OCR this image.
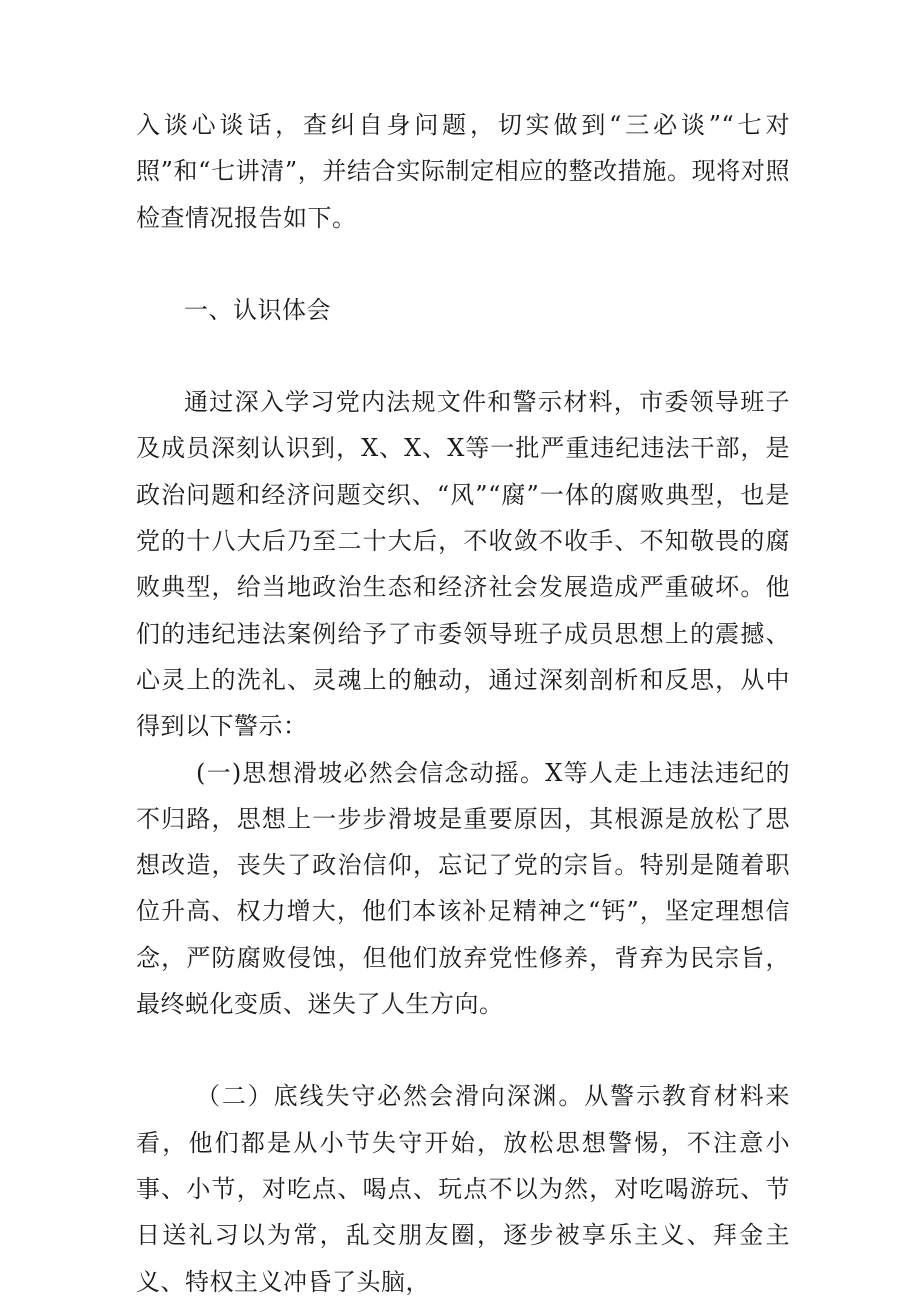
入谈心谈话，查纠自身问题，切实做到“三必谈”“七对照”和“七讲清”，并结合实际制定相应的整改措施。现将对照检查情况报告如下。

一、认识体会

通过深入学习党内法规文件和警示材料，市委领导班子及成员深刻认识到，X、X、X等一批严重违纪违法干部，是政治问题和经济问题交织、“风”“腐”一体的腐败典型，也是党的十八大后乃至二十大后，不收敛不收手、不知敬畏的腐败典型，给当地政治生态和经济社会发展造成严重破坏。他们的违纪违法案例给予了市委领导班子成员思想上的震撼、心灵上的洗礼、灵魂上的触动，通过深刻剖析和反思，从中得到以下警示：

(一)思想滑坡必然会信念动摇。X等人走上违法违纪的不归路，思想上一步步滑坡是重要原因，其根源是放松了思想改造，丧失了政治信仰，忘记了党的宗旨。特别是随着职位升高、权力增大，他们本该补足精神之“钙”，坚定理想信念，严防腐败侵蚀，但他们放弃党性修养，背弃为民宗旨，最终蜕化变质、迷失了人生方向。

（二）底线失守必然会滑向深渊。从警示教育材料来看，他们都是从小节失守开始，放松思想警惕，不注意小事、小节，对吃点、喝点、玩点不以为然，对吃喝游玩、节日送礼习以为常，乱交朋友圈，逐步被享乐主义、拜金主义、特权主义冲昏了头脑，
